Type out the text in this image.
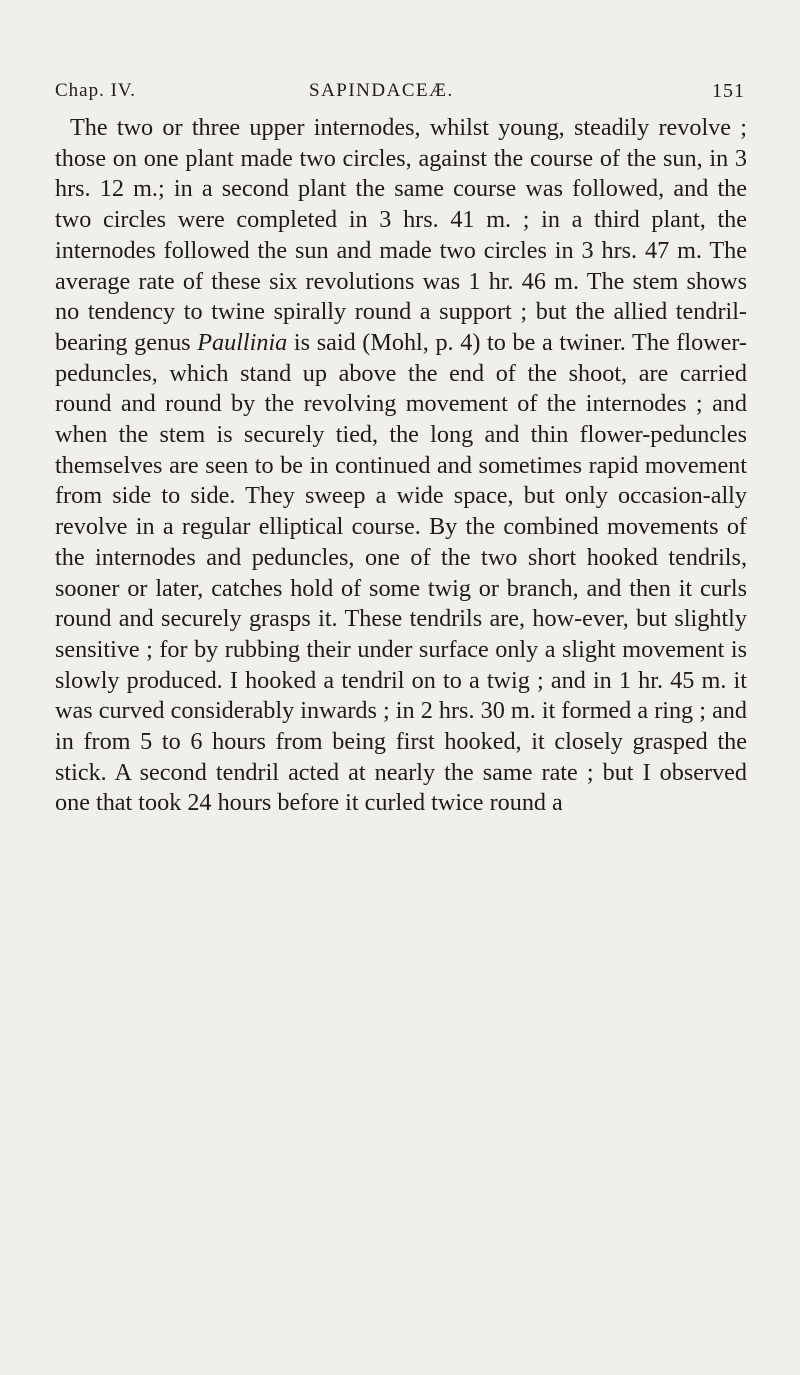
Chap. IV.	SAPINDACEÆ.	151

The two or three upper internodes, whilst young, steadily revolve ; those on one plant made two circles, against the course of the sun, in 3 hrs. 12 m.; in a second plant the same course was followed, and the two circles were completed in 3 hrs. 41 m. ; in a third plant, the internodes followed the sun and made two circles in 3 hrs. 47 m. The average rate of these six revolutions was 1 hr. 46 m. The stem shows no tendency to twine spirally round a support ; but the allied tendril-bearing genus Paullinia is said (Mohl, p. 4) to be a twiner. The flower-peduncles, which stand up above the end of the shoot, are carried round and round by the revolving movement of the internodes ; and when the stem is securely tied, the long and thin flower-peduncles themselves are seen to be in continued and sometimes rapid movement from side to side. They sweep a wide space, but only occasion-ally revolve in a regular elliptical course. By the combined movements of the internodes and peduncles, one of the two short hooked tendrils, sooner or later, catches hold of some twig or branch, and then it curls round and securely grasps it. These tendrils are, how-ever, but slightly sensitive ; for by rubbing their under surface only a slight movement is slowly produced. I hooked a tendril on to a twig ; and in 1 hr. 45 m. it was curved considerably inwards ; in 2 hrs. 30 m. it formed a ring ; and in from 5 to 6 hours from being first hooked, it closely grasped the stick. A second tendril acted at nearly the same rate ; but I observed one that took 24 hours before it curled twice round a
